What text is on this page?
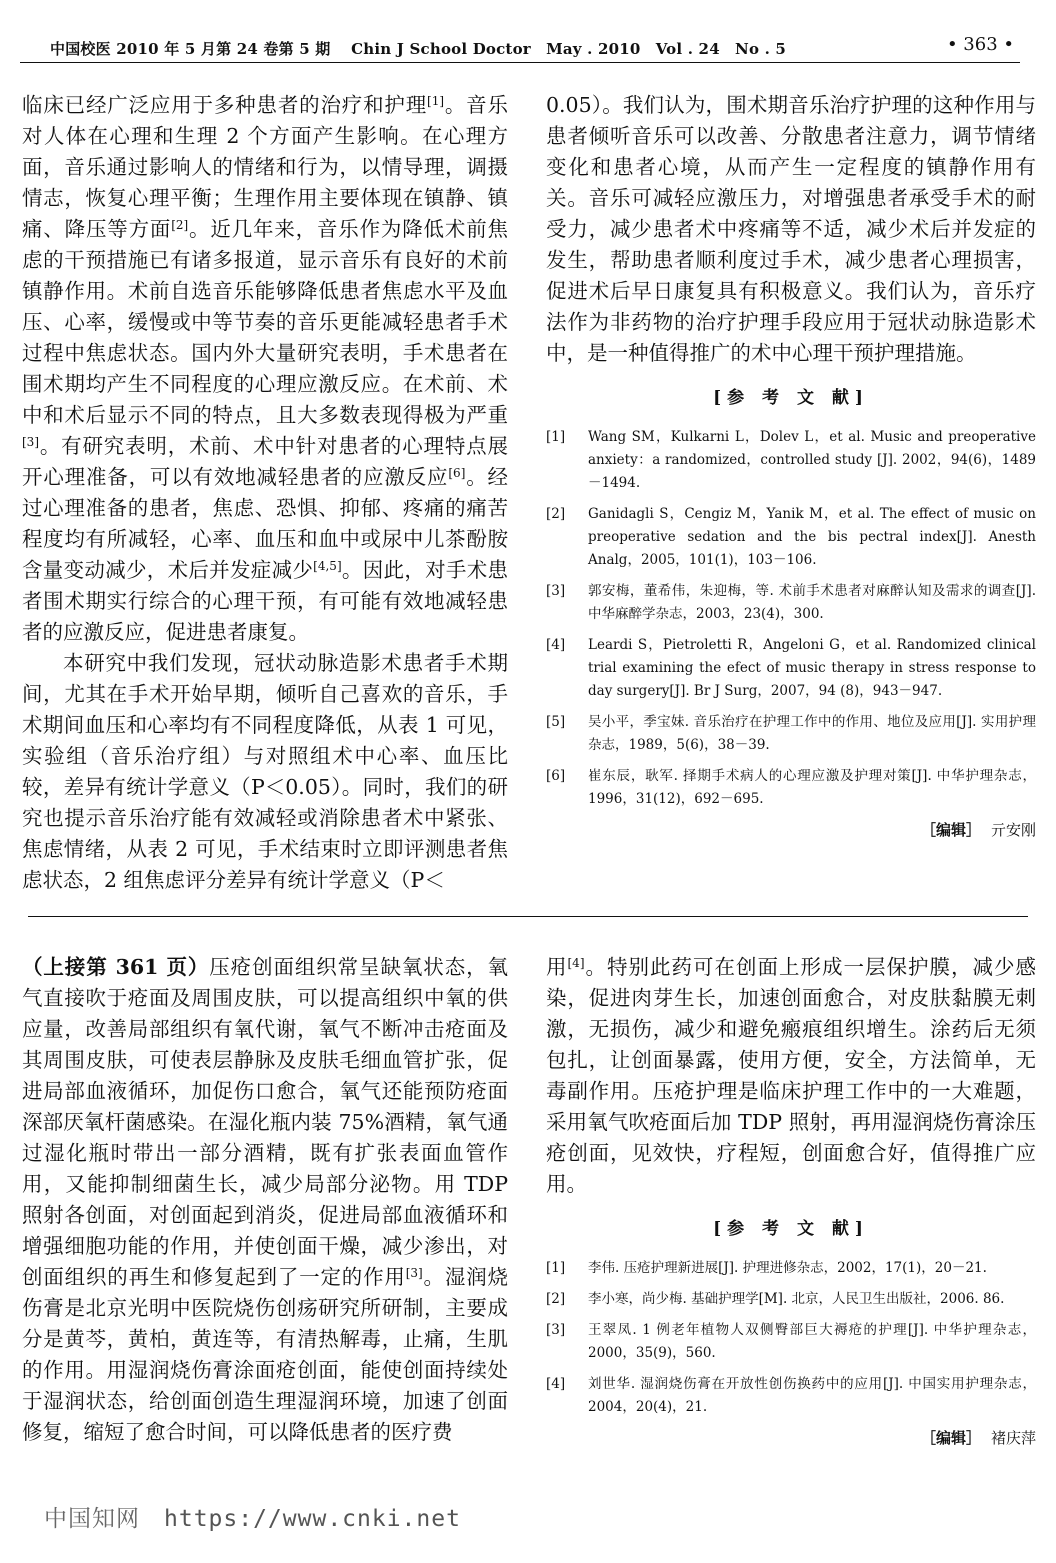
中国校医 2010 年 5 月第 24 卷第 5 期　 Chin J School Doctor　May . 2010　Vol . 24　No . 5	• 363 •

临床已经广泛应用于多种患者的治疗和护理[1]。音乐对人体在心理和生理 2 个方面产生影响。在心理方面，音乐通过影响人的情绪和行为，以情导理，调摄情志，恢复心理平衡；生理作用主要体现在镇静、镇痛、降压等方面[2]。近几年来，音乐作为降低术前焦虑的干预措施已有诸多报道，显示音乐有良好的术前镇静作用。术前自选音乐能够降低患者焦虑水平及血压、心率，缓慢或中等节奏的音乐更能减轻患者手术过程中焦虑状态。国内外大量研究表明，手术患者在围术期均产生不同程度的心理应激反应。在术前、术中和术后显示不同的特点，且大多数表现得极为严重[3]。有研究表明，术前、术中针对患者的心理特点展开心理准备，可以有效地减轻患者的应激反应[6]。经过心理准备的患者，焦虑、恐惧、抑郁、疼痛的痛苦程度均有所减轻，心率、血压和血中或尿中儿茶酚胺含量变动减少，术后并发症减少[4,5]。因此，对手术患者围术期实行综合的心理干预，有可能有效地减轻患者的应激反应，促进患者康复。

本研究中我们发现，冠状动脉造影术患者手术期间，尤其在手术开始早期，倾听自己喜欢的音乐，手术期间血压和心率均有不同程度降低，从表 1 可见，实验组（音乐治疗组）与对照组术中心率、血压比较，差异有统计学意义（P＜0.05）。同时，我们的研究也提示音乐治疗能有效减轻或消除患者术中紧张、焦虑情绪，从表 2 可见，手术结束时立即评测患者焦虑状态，2 组焦虑评分差异有统计学意义（P＜

0.05）。我们认为，围术期音乐治疗护理的这种作用与患者倾听音乐可以改善、分散患者注意力，调节情绪变化和患者心境，从而产生一定程度的镇静作用有关。音乐可减轻应激压力，对增强患者承受手术的耐受力，减少患者术中疼痛等不适，减少术后并发症的发生，帮助患者顺利度过手术，减少患者心理损害，促进术后早日康复具有积极意义。我们认为，音乐疗法作为非药物的治疗护理手段应用于冠状动脉造影术中，是一种值得推广的术中心理干预护理措施。

[参 考 文 献]
[1]	Wang SM，Kulkarni L，Dolev L，et al. Music and preoperative anxiety：a randomized，controlled study [J]. 2002，94(6)，1489－1494.
[2]	Ganidagli S，Cengiz M，Yanik M，et al. The effect of music on preoperative sedation and the bis pectral index[J]. Anesth Analg，2005，101(1)，103－106.
[3]	郭安梅，董希伟，朱迎梅，等. 术前手术患者对麻醉认知及需求的调查[J]. 中华麻醉学杂志，2003，23(4)，300.
[4]	Leardi S，Pietroletti R，Angeloni G，et al. Randomized clinical trial examining the efect of music therapy in stress response to day surgery[J]. Br J Surg，2007，94 (8)，943－947.
[5]	吴小平，季宝妹. 音乐治疗在护理工作中的作用、地位及应用[J]. 实用护理杂志，1989，5(6)，38－39.
[6]	崔东辰，耿军. 择期手术病人的心理应激及护理对策[J]. 中华护理杂志，1996，31(12)，692－695.
［编辑］ 亓安刚

（上接第 361 页）压疮创面组织常呈缺氧状态，氧气直接吹于疮面及周围皮肤，可以提高组织中氧的供应量，改善局部组织有氧代谢，氧气不断冲击疮面及其周围皮肤，可使表层静脉及皮肤毛细血管扩张，促进局部血液循环，加促伤口愈合，氧气还能预防疮面深部厌氧杆菌感染。在湿化瓶内装 75%酒精，氧气通过湿化瓶时带出一部分酒精，既有扩张表面血管作用，又能抑制细菌生长，减少局部分泌物。用 TDP 照射各创面，对创面起到消炎，促进局部血液循环和增强细胞功能的作用，并使创面干燥，减少渗出，对创面组织的再生和修复起到了一定的作用[3]。湿润烧伤膏是北京光明中医院烧伤创疡研究所研制，主要成分是黄芩，黄柏，黄连等，有清热解毒，止痛，生肌的作用。用湿润烧伤膏涂面疮创面，能使创面持续处于湿润状态，给创面创造生理湿润环境，加速了创面修复，缩短了愈合时间，可以降低患者的医疗费

用[4]。特别此药可在创面上形成一层保护膜，减少感染，促进肉芽生长，加速创面愈合，对皮肤黏膜无刺激，无损伤，减少和避免瘢痕组织增生。涂药后无须包扎，让创面暴露，使用方便，安全，方法简单，无毒副作用。压疮护理是临床护理工作中的一大难题，采用氧气吹疮面后加 TDP 照射，再用湿润烧伤膏涂压疮创面，见效快，疗程短，创面愈合好，值得推广应用。

[参 考 文 献]
[1]	李伟. 压疮护理新进展[J]. 护理进修杂志，2002，17(1)，20－21.
[2]	李小寒，尚少梅. 基础护理学[M]. 北京，人民卫生出版社，2006. 86.
[3]	王翠凤. 1 例老年植物人双侧臀部巨大褥疮的护理[J]. 中华护理杂志，2000，35(9)，560.
[4]	刘世华. 湿润烧伤膏在开放性创伤换药中的应用[J]. 中国实用护理杂志，2004，20(4)，21.
［编辑］ 褚庆萍
中国知网 https://www.cnki.net
